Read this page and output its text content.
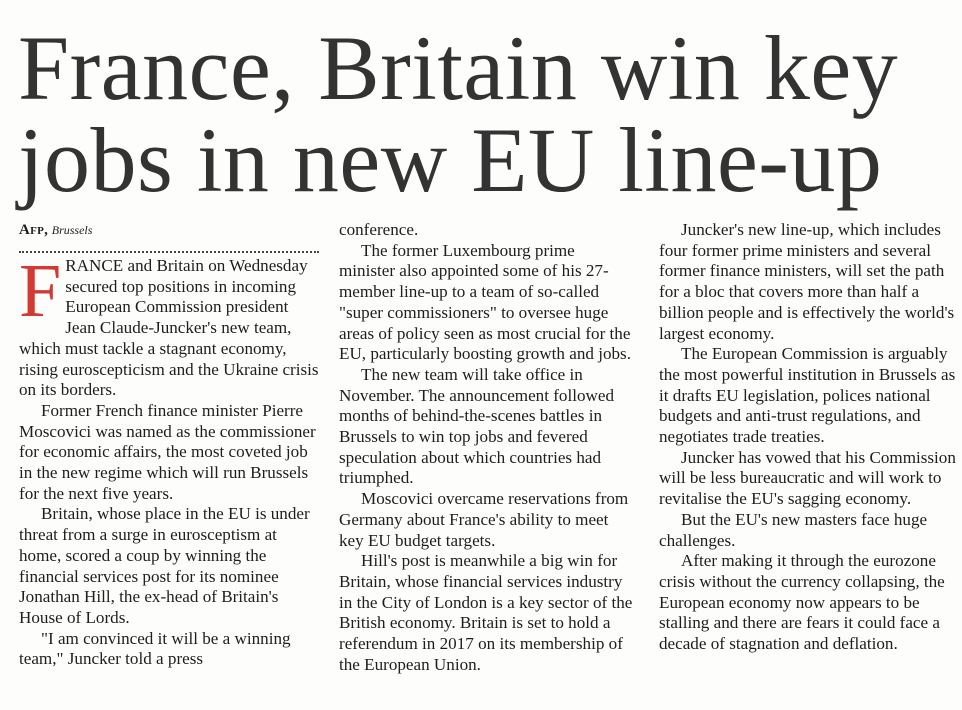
France, Britain win key
jobs in new EU line-up

Afp, Brussels

FRANCE and Britain on Wednesday secured top positions in incoming European Commission president Jean Claude-Juncker's new team, which must tackle a stagnant economy, rising euroscepticism and the Ukraine crisis on its borders.

Former French finance minister Pierre Moscovici was named as the commissioner for economic affairs, the most coveted job in the new regime which will run Brussels for the next five years.

Britain, whose place in the EU is under threat from a surge in eurosceptism at home, scored a coup by winning the financial services post for its nominee Jonathan Hill, the ex-head of Britain's House of Lords.

"I am convinced it will be a winning team," Juncker told a press

conference.

The former Luxembourg prime minister also appointed some of his 27-member line-up to a team of so-called "super commissioners" to oversee huge areas of policy seen as most crucial for the EU, particularly boosting growth and jobs.

The new team will take office in November. The announcement followed months of behind-the-scenes battles in Brussels to win top jobs and fevered speculation about which countries had triumphed.

Moscovici overcame reservations from Germany about France's ability to meet key EU budget targets.

Hill's post is meanwhile a big win for Britain, whose financial services industry in the City of London is a key sector of the British economy. Britain is set to hold a referendum in 2017 on its membership of the European Union.

Juncker's new line-up, which includes four former prime ministers and several former finance ministers, will set the path for a bloc that covers more than half a billion people and is effectively the world's largest economy.

The European Commission is arguably the most powerful institution in Brussels as it drafts EU legislation, polices national budgets and anti-trust regulations, and negotiates trade treaties.

Juncker has vowed that his Commission will be less bureaucratic and will work to revitalise the EU's sagging economy.

But the EU's new masters face huge challenges.

After making it through the eurozone crisis without the currency collapsing, the European economy now appears to be stalling and there are fears it could face a decade of stagnation and deflation.
